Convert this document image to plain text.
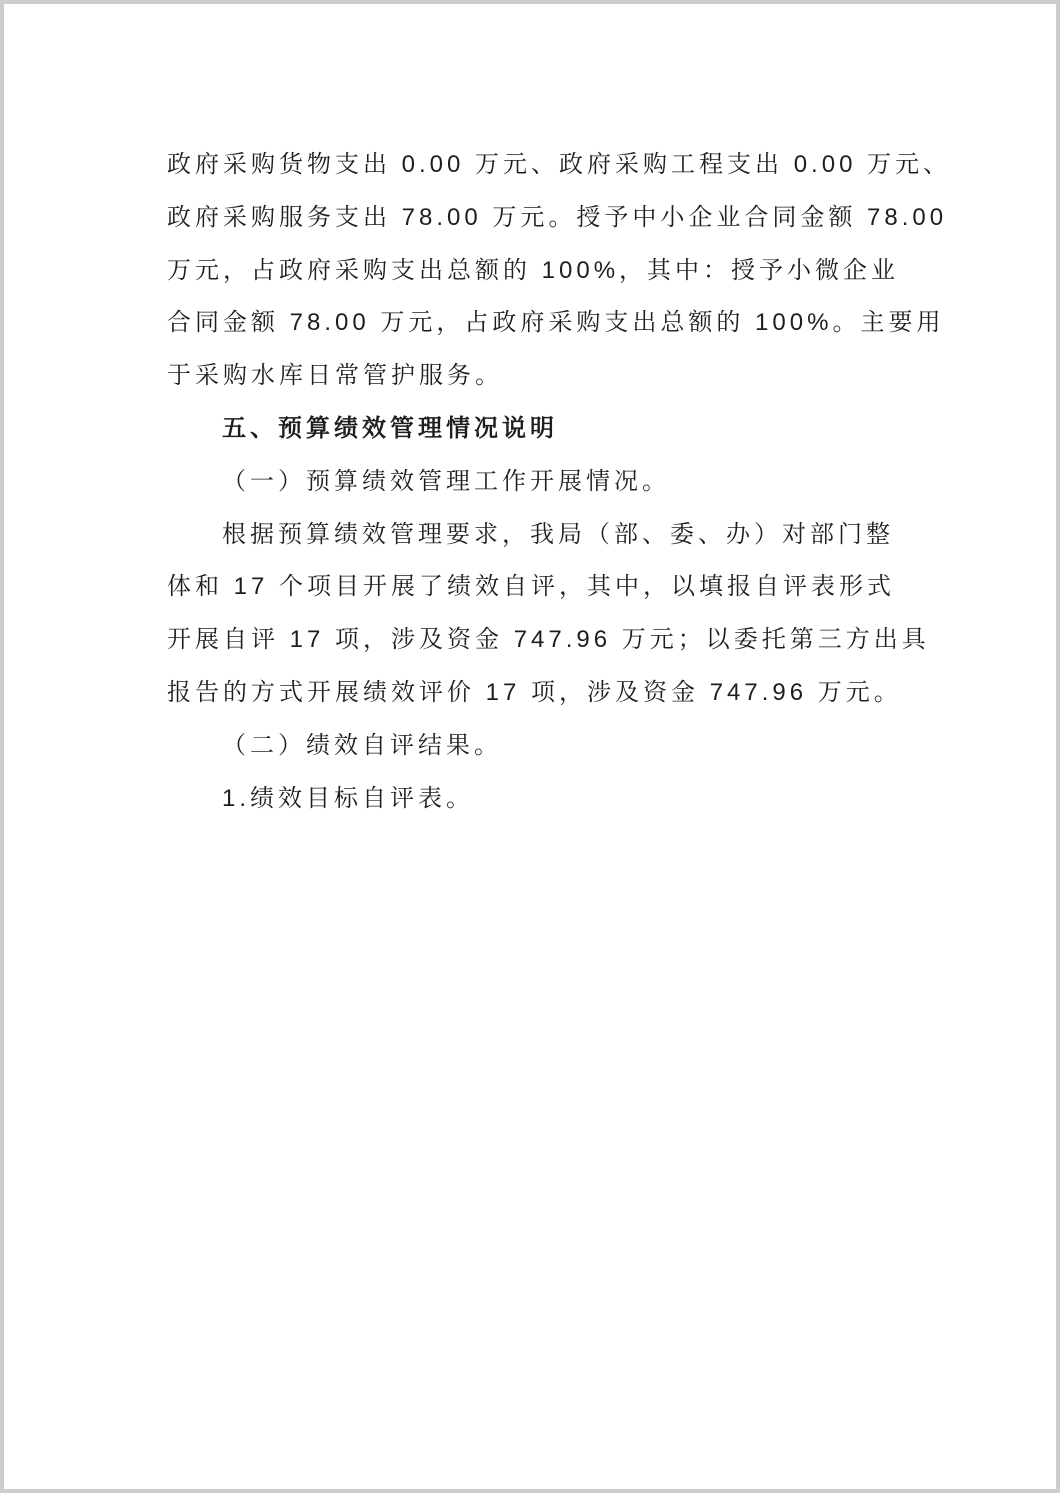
政府采购货物支出 0.00 万元、政府采购工程支出 0.00 万元、
政府采购服务支出 78.00 万元。授予中小企业合同金额 78.00
万元，占政府采购支出总额的 100%，其中：授予小微企业
合同金额 78.00 万元，占政府采购支出总额的 100%。主要用
于采购水库日常管护服务。
五、预算绩效管理情况说明
（一）预算绩效管理工作开展情况。
根据预算绩效管理要求，我局（部、委、办）对部门整
体和 17 个项目开展了绩效自评，其中，以填报自评表形式
开展自评 17 项，涉及资金 747.96 万元；以委托第三方出具
报告的方式开展绩效评价 17 项，涉及资金 747.96 万元。
（二）绩效自评结果。
1.绩效目标自评表。
